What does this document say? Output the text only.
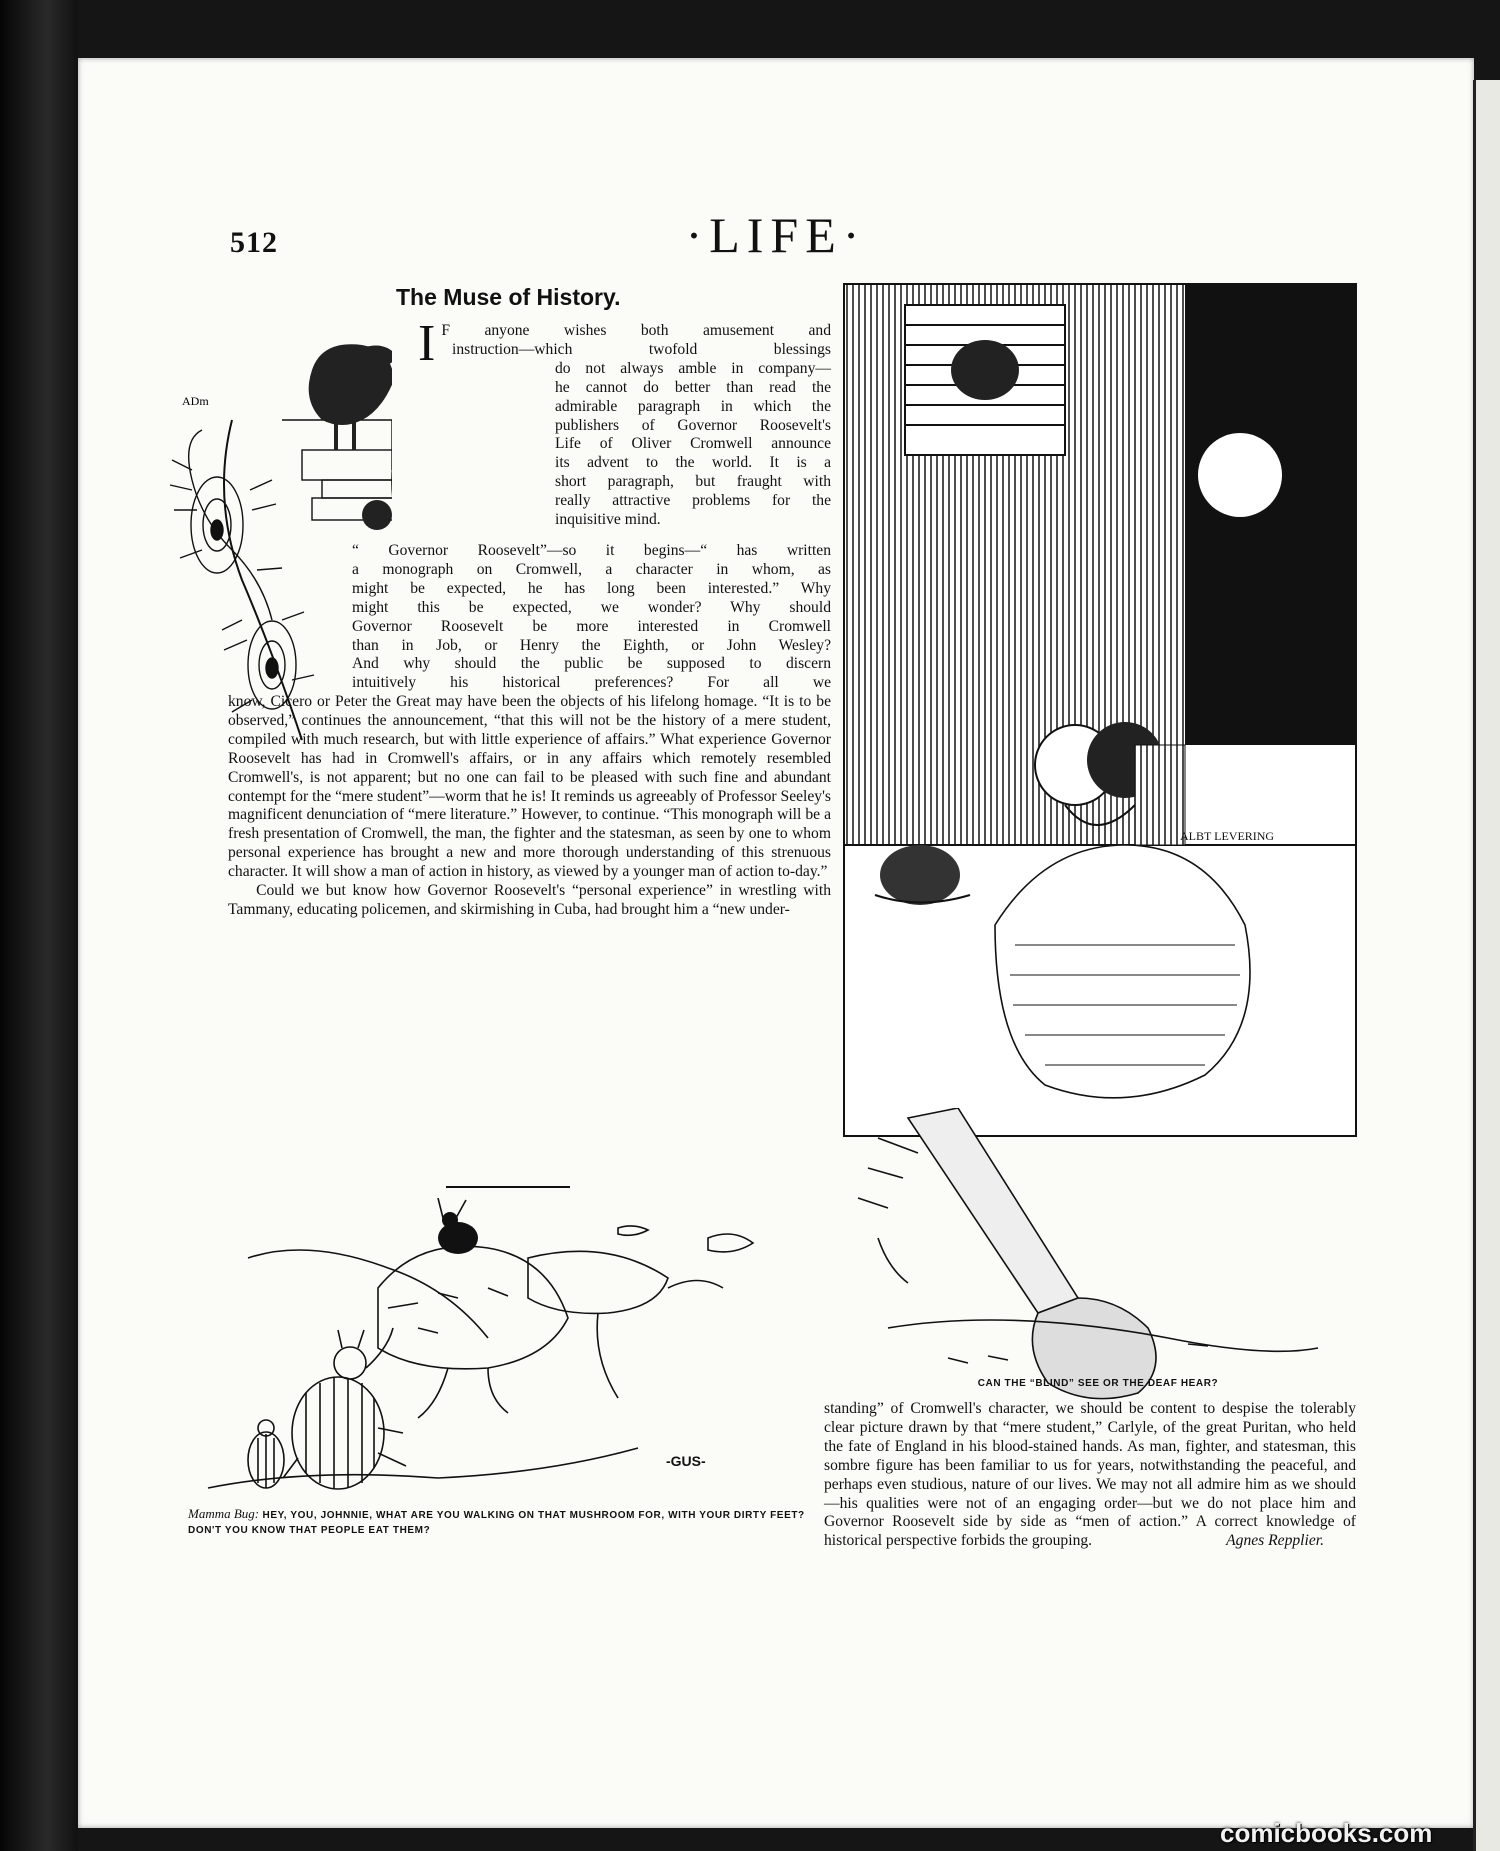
512	·LIFE·
The Muse of History.
ADm
I F anyone wishes both amusement and
instruction—which twofold blessings
do not always amble in company—
he cannot do better than read the
admirable paragraph in which the
publishers of Governor Roosevelt's
Life of Oliver Cromwell announce
its advent to the world. It is a
short paragraph, but fraught with
really attractive problems for the
inquisitive mind.
“ Governor Roosevelt”—so it begins—“ has written
a monograph on Cromwell, a character in whom, as
might be expected, he has long been interested.” Why
might this be expected, we wonder? Why should
Governor Roosevelt be more interested in Cromwell
than in Job, or Henry the Eighth, or John Wesley?
And why should the public be supposed to discern
intuitively his historical preferences? For all we

know, Cicero or Peter the Great may have been the objects of his lifelong homage. “It is to be observed,” continues the announcement, “that this will not be the history of a mere student, compiled with much research, but with little experience of affairs.” What experience Governor Roosevelt has had in Cromwell's affairs, or in any affairs which remotely resembled Cromwell's, is not apparent; but no one can fail to be pleased with such fine and abundant contempt for the “mere student”—worm that he is! It reminds us agreeably of Professor Seeley's magnificent denunciation of “mere literature.” However, to continue. “This monograph will be a fresh presentation of Cromwell, the man, the fighter and the statesman, as seen by one to whom personal experience has brought a new and more thorough understanding of this strenuous character. It will show a man of action in history, as viewed by a younger man of action to-day.”

Could we but know how Governor Roosevelt's “personal experience” in wrestling with Tammany, educating policemen, and skirmishing in Cuba, had brought him a “new under-

-GUS-
Mamma Bug: HEY, YOU, JOHNNIE, WHAT ARE YOU WALKING ON THAT MUSHROOM FOR, WITH YOUR DIRTY FEET? DON'T YOU KNOW THAT PEOPLE EAT THEM?
ALBT LEVERING
CAN THE “BLIND” SEE OR THE DEAF HEAR?

standing” of Cromwell's character, we should be content to despise the tolerably clear picture drawn by that “mere student,” Carlyle, of the great Puritan, who held the fate of England in his blood-stained hands. As man, fighter, and statesman, this sombre figure has been familiar to us for years, notwithstanding the peaceful, and perhaps even studious, nature of our lives. We may not all admire him as we should—his qualities were not of an engaging order—but we do not place him and Governor Roosevelt side by side as “men of action.” A correct knowledge of historical perspective forbids the grouping.	Agnes Repplier.
comicbooks.com
